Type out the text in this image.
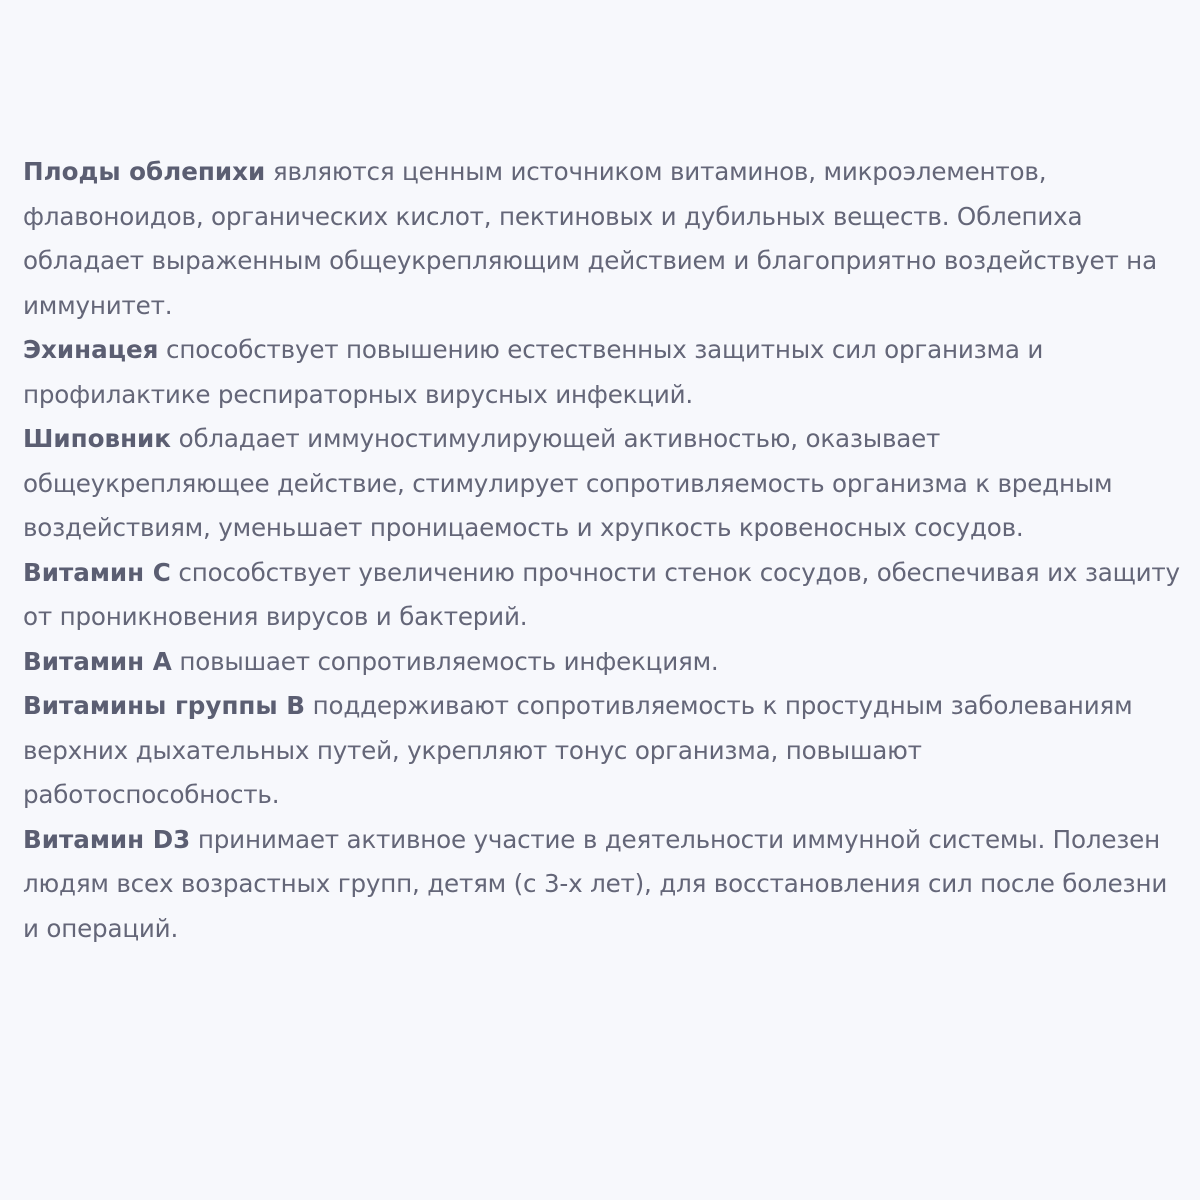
Плоды облепихи являются ценным источником витаминов, микроэлементов, флавоноидов, органических кислот, пектиновых и дубильных веществ. Облепиха обладает выраженным общеукрепляющим действием и благоприятно воздействует на иммунитет.

Эхинацея способствует повышению естественных защитных сил организма и профилактике респираторных вирусных инфекций.

Шиповник обладает иммуностимулирующей активностью, оказывает общеукрепляющее действие, стимулирует сопротивляемость организма к вредным воздействиям, уменьшает проницаемость и хрупкость кровеносных сосудов.

Витамин С способствует увеличению прочности стенок сосудов, обеспечивая их защиту от проникновения вирусов и бактерий.

Витамин А повышает сопротивляемость инфекциям.

Витамины группы В поддерживают сопротивляемость к простудным заболеваниям верхних дыхательных путей, укрепляют тонус организма, повышают работоспособность.

Витамин D3 принимает активное участие в деятельности иммунной системы. Полезен людям всех возрастных групп, детям (с 3-х лет), для восстановления сил после болезни и операций.
